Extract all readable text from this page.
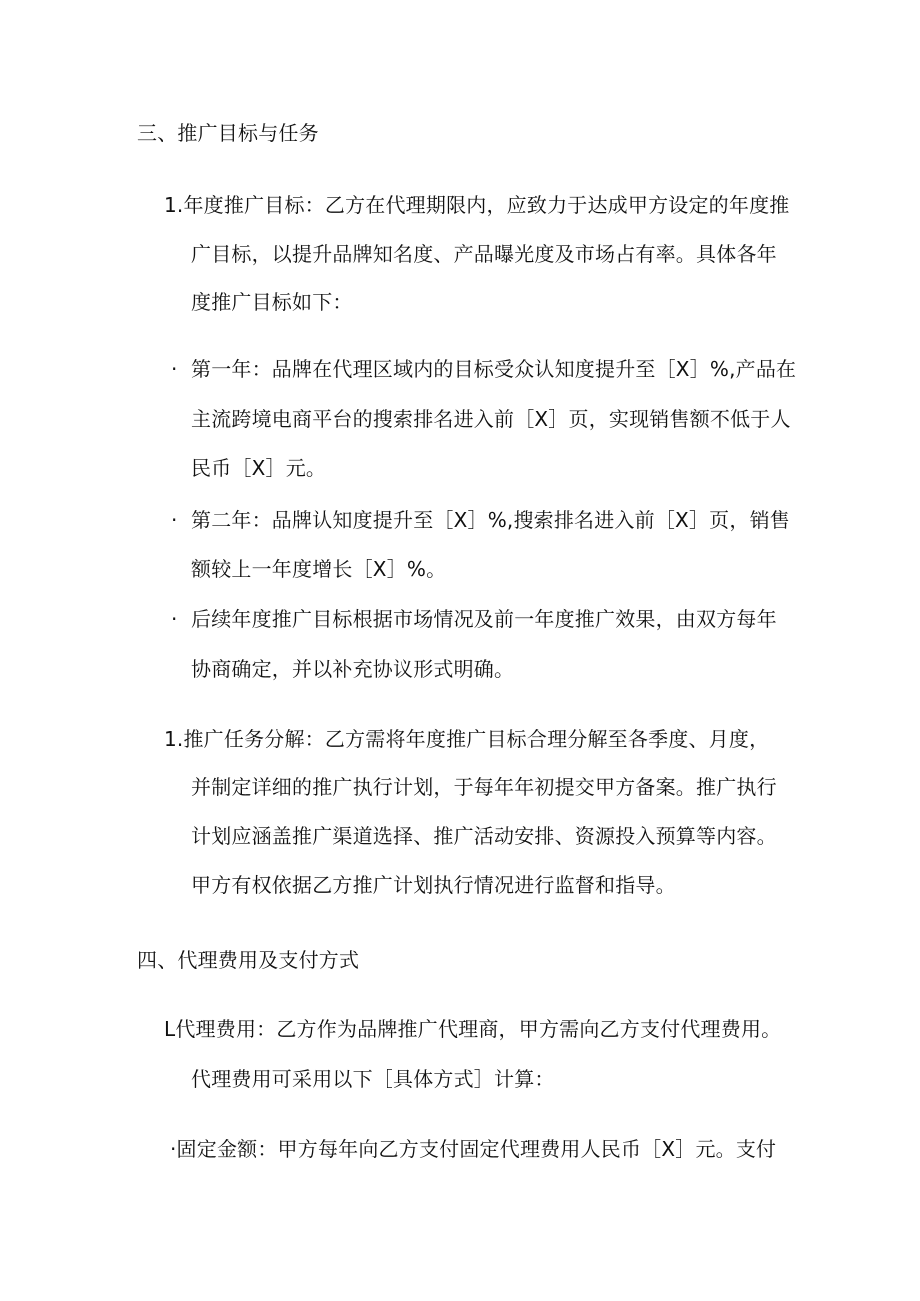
三、推广目标与任务
1.年度推广目标：乙方在代理期限内，应致力于达成甲方设定的年度推
广目标，以提升品牌知名度、产品曝光度及市场占有率。具体各年
度推广目标如下：
· 第一年：品牌在代理区域内的目标受众认知度提升至［X］%,产品在
主流跨境电商平台的搜索排名进入前［X］页，实现销售额不低于人
民币［X］元。
· 第二年：品牌认知度提升至［X］%,搜索排名进入前［X］页，销售
额较上一年度增长［X］%。
· 后续年度推广目标根据市场情况及前一年度推广效果，由双方每年
协商确定，并以补充协议形式明确。
1.推广任务分解：乙方需将年度推广目标合理分解至各季度、月度，
并制定详细的推广执行计划，于每年年初提交甲方备案。推广执行
计划应涵盖推广渠道选择、推广活动安排、资源投入预算等内容。
甲方有权依据乙方推广计划执行情况进行监督和指导。
四、代理费用及支付方式
L代理费用：乙方作为品牌推广代理商，甲方需向乙方支付代理费用。
代理费用可采用以下［具体方式］计算：
·固定金额：甲方每年向乙方支付固定代理费用人民币［X］元。支付
